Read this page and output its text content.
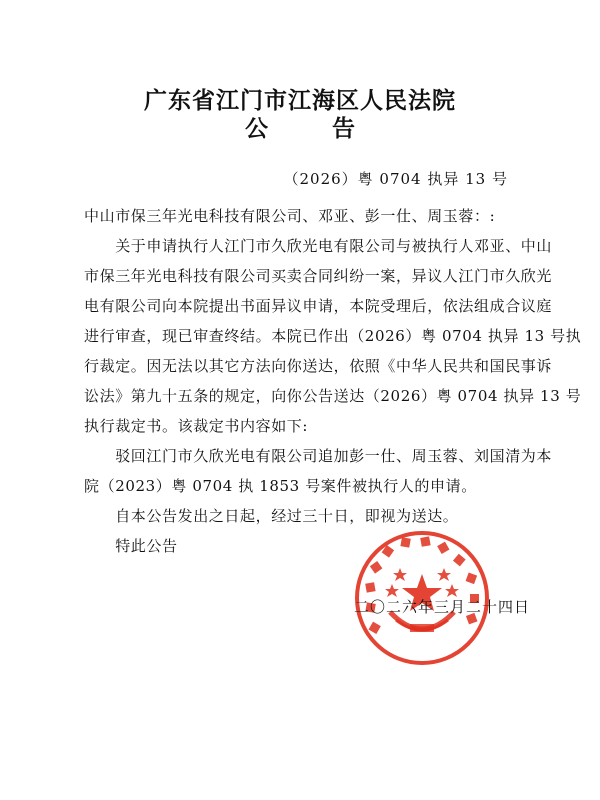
广东省江门市江海区人民法院
公 告
（2026）粤 0704 执异 13 号
中山市保三年光电科技有限公司、邓亚、彭一仕、周玉蓉：:
　　关于申请执行人江门市久欣光电有限公司与被执行人邓亚、中山
市保三年光电科技有限公司买卖合同纠纷一案，异议人江门市久欣光
电有限公司向本院提出书面异议申请，本院受理后，依法组成合议庭
进行审查，现已审查终结。本院已作出（2026）粤 0704 执异 13 号执
行裁定。因无法以其它方法向你送达，依照《中华人民共和国民事诉
讼法》第九十五条的规定，向你公告送达（2026）粤 0704 执异 13 号
执行裁定书。该裁定书内容如下:
　　驳回江门市久欣光电有限公司追加彭一仕、周玉蓉、刘国清为本
院（2023）粤 0704 执 1853 号案件被执行人的申请。
　　自本公告发出之日起，经过三十日，即视为送达。
　　特此公告
二〇二六年三月二十四日
